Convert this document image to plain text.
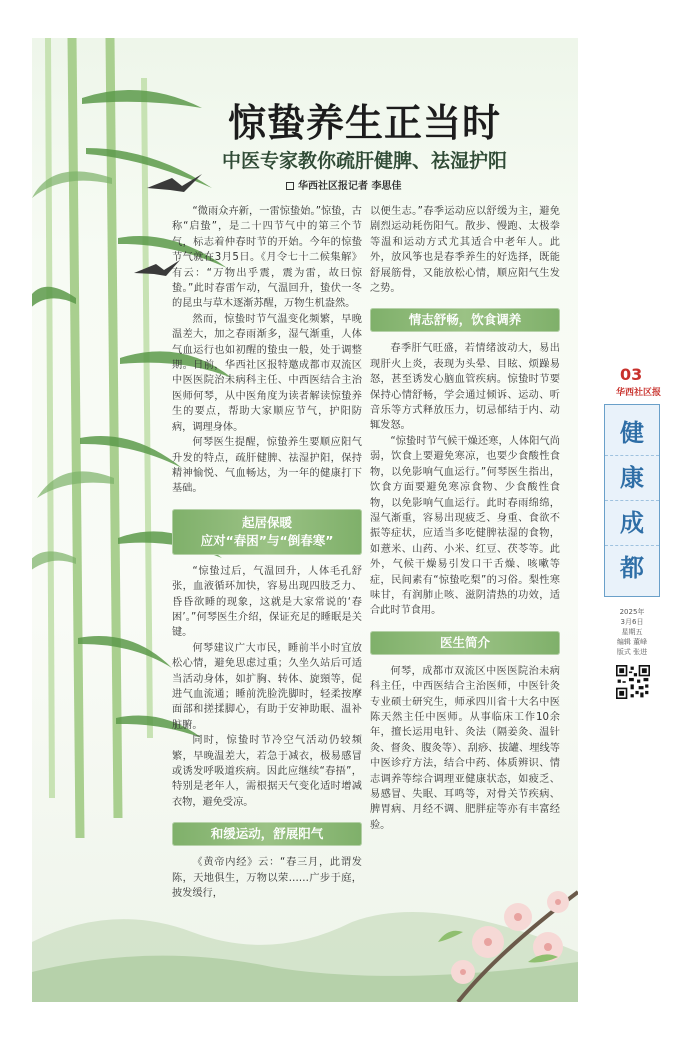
惊蛰养生正当时
中医专家教你疏肝健脾、祛湿护阳
华西社区报记者 李思佳

“微雨众卉新，一雷惊蛰始。”惊蛰，古称“启蛰”，是二十四节气中的第三个节气，标志着仲春时节的开始。今年的惊蛰节气就在3月5日。《月令七十二候集解》有云：“万物出乎震，震为雷，故曰惊蛰。”此时春雷乍动，气温回升，蛰伏一冬的昆虫与草木逐渐苏醒，万物生机盎然。

然而，惊蛰时节气温变化频繁，早晚温差大，加之春雨渐多，湿气渐重，人体气血运行也如初醒的蛰虫一般，处于调整期。日前，华西社区报特邀成都市双流区中医医院治未病科主任、中西医结合主治医师何琴，从中医角度为读者解读惊蛰养生的要点，帮助大家顺应节气，护阳防病，调理身体。

何琴医生提醒，惊蛰养生要顺应阳气升发的特点，疏肝健脾、祛湿护阳，保持精神愉悦、气血畅达，为一年的健康打下基础。

起居保暖
应对“春困”与“倒春寒”

“惊蛰过后，气温回升，人体毛孔舒张，血液循环加快，容易出现四肢乏力、昏昏欲睡的现象，这就是大家常说的‘春困’。”何琴医生介绍，保证充足的睡眠是关键。

何琴建议广大市民，睡前半小时宜放松心情，避免思虑过重；久坐久站后可适当活动身体，如扩胸、转体、旋頸等，促进气血流通；睡前洗脸洗脚时，轻柔按摩面部和搓揉脚心，有助于安神助眠、温补脏腑。

同时，惊蛰时节冷空气活动仍较频繁，早晚温差大，若急于减衣，极易感冒或诱发呼吸道疾病。因此应继续“春捂”，特别是老年人，需根据天气变化适时增减衣物，避免受凉。

和缓运动，舒展阳气

《黄帝内经》云：“春三月，此谓发陈，天地俱生，万物以荣……广步于庭，披发缓行，

以便生志。”春季运动应以舒缓为主，避免剧烈运动耗伤阳气。散步、慢跑、太极拳等温和运动方式尤其适合中老年人。此外，放风筝也是春季养生的好选择，既能舒展筋骨，又能放松心情，顺应阳气生发之势。

情志舒畅，饮食调养

春季肝气旺盛，若情绪波动大，易出现肝火上炎，表现为头晕、目眩、烦躁易怒，甚至诱发心脑血管疾病。惊蛰时节要保持心情舒畅，学会通过倾诉、运动、听音乐等方式释放压力，切忌郁结于内、动辄发怒。

“惊蛰时节气候干燥还寒，人体阳气尚弱，饮食上要避免寒凉，也要少食酸性食物，以免影响气血运行。”何琴医生指出，饮食方面要避免寒凉食物、少食酸性食物，以免影响气血运行。此时春雨绵绵，湿气渐重，容易出现疲乏、身重、食欲不振等症状，应适当多吃健脾祛湿的食物，如薏米、山药、小米、红豆、茯苓等。此外，气候干燥易引发口干舌燥、咳嗽等症，民间素有“惊蛰吃梨”的习俗。梨性寒味甘，有润肺止咳、滋阴清热的功效，适合此时节食用。

医生简介

何琴，成都市双流区中医医院治未病科主任，中西医结合主治医师，中医针灸专业硕士研究生，师承四川省十大名中医陈天然主任中医师。从事临床工作10余年，擅长运用电针、灸法（隔姜灸、温针灸、督灸、腹灸等）、刮痧、拔罐、埋线等中医诊疗方法，结合中药、体质辨识、情志调养等综合调理亚健康状态，如疲乏、易感冒、失眠、耳鸣等，对骨关节疾病、脾胃病、月经不调、肥胖症等亦有丰富经验。

03
华西社区报
健
康
成
都
2025年
3月6日
星期五
编辑 董峰
版式 张进
